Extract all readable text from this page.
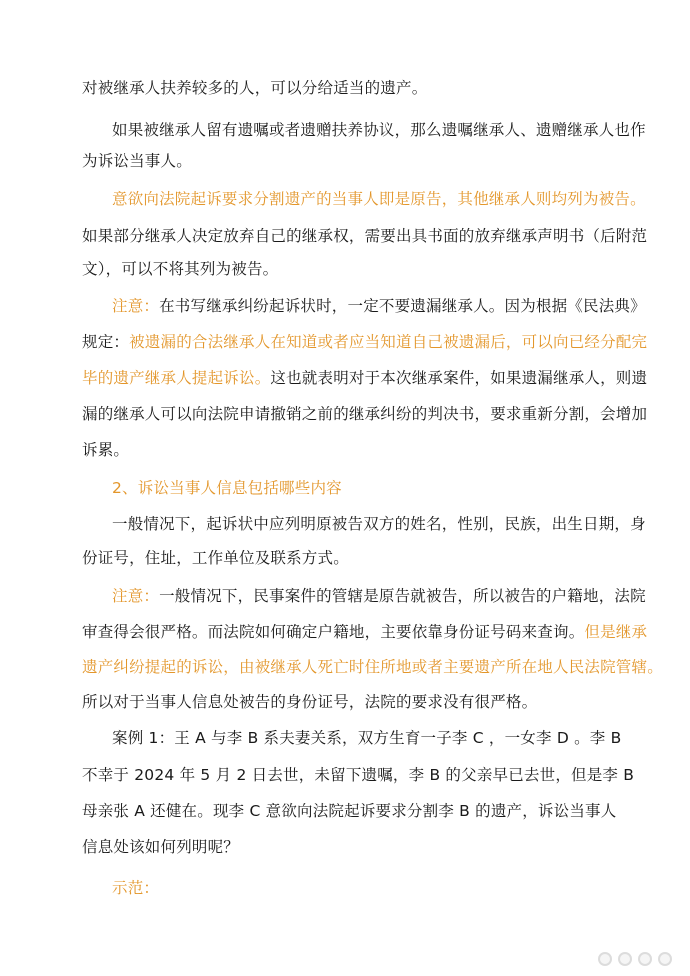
对被继承人扶养较多的人，可以分给适当的遗产。
如果被继承人留有遗嘱或者遗赠扶养协议，那么遗嘱继承人、遗赠继承人也作
为诉讼当事人。
意欲向法院起诉要求分割遗产的当事人即是原告，其他继承人则均列为被告。
如果部分继承人决定放弃自己的继承权，需要出具书面的放弃继承声明书（后附范
文），可以不将其列为被告。
注意：在书写继承纠纷起诉状时，一定不要遗漏继承人。因为根据《民法典》
规定：被遗漏的合法继承人在知道或者应当知道自己被遗漏后，可以向已经分配完
毕的遗产继承人提起诉讼。这也就表明对于本次继承案件，如果遗漏继承人，则遗
漏的继承人可以向法院申请撤销之前的继承纠纷的判决书，要求重新分割，会增加
诉累。
2、诉讼当事人信息包括哪些内容
一般情况下，起诉状中应列明原被告双方的姓名，性别，民族，出生日期，身
份证号，住址，工作单位及联系方式。
注意：一般情况下，民事案件的管辖是原告就被告，所以被告的户籍地，法院
审查得会很严格。而法院如何确定户籍地，主要依靠身份证号码来查询。但是继承
遗产纠纷提起的诉讼，由被继承人死亡时住所地或者主要遗产所在地人民法院管辖。
所以对于当事人信息处被告的身份证号，法院的要求没有很严格。
案例 1：王 A 与李 B 系夫妻关系，双方生育一子李 C ，一女李 D 。李 B
不幸于 2024 年 5 月 2 日去世，未留下遗嘱，李 B 的父亲早已去世，但是李 B
母亲张 A 还健在。现李 C 意欲向法院起诉要求分割李 B 的遗产，诉讼当事人
信息处该如何列明呢？
示范：
